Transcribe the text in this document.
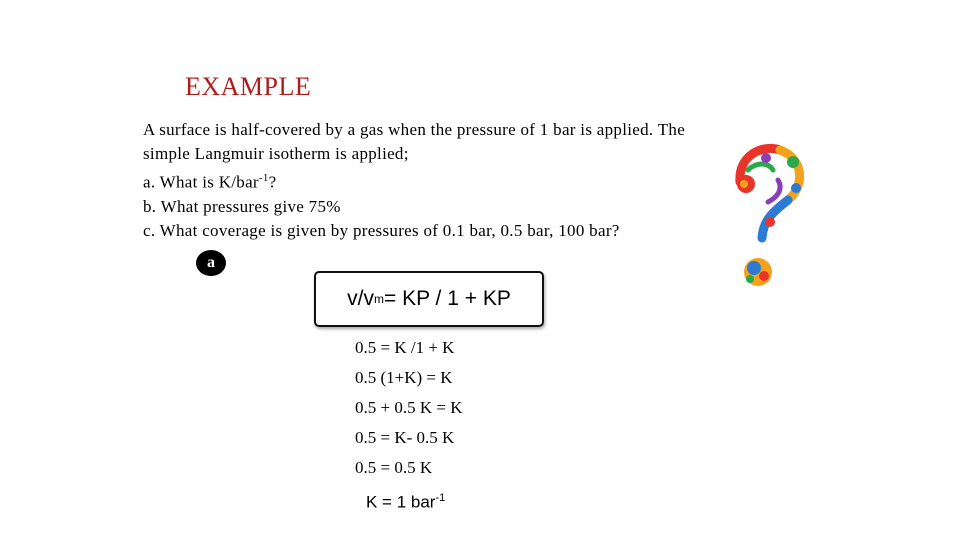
EXAMPLE
A surface is half-covered by a gas when the pressure of 1 bar is applied. The
simple Langmuir isotherm is applied;
a. What is K/bar$^{-1}$?
b. What pressures give 75%
c. What coverage is given by pressures of 0.1 bar, 0.5 bar, 100 bar?
a
v/v m = KP / 1 + KP
0.5 = K /1 + K
0.5 (1+K) = K
0.5 + 0.5 K = K
0.5 = K- 0.5 K
0.5 = 0.5 K
K = 1 bar$^{-1}$
